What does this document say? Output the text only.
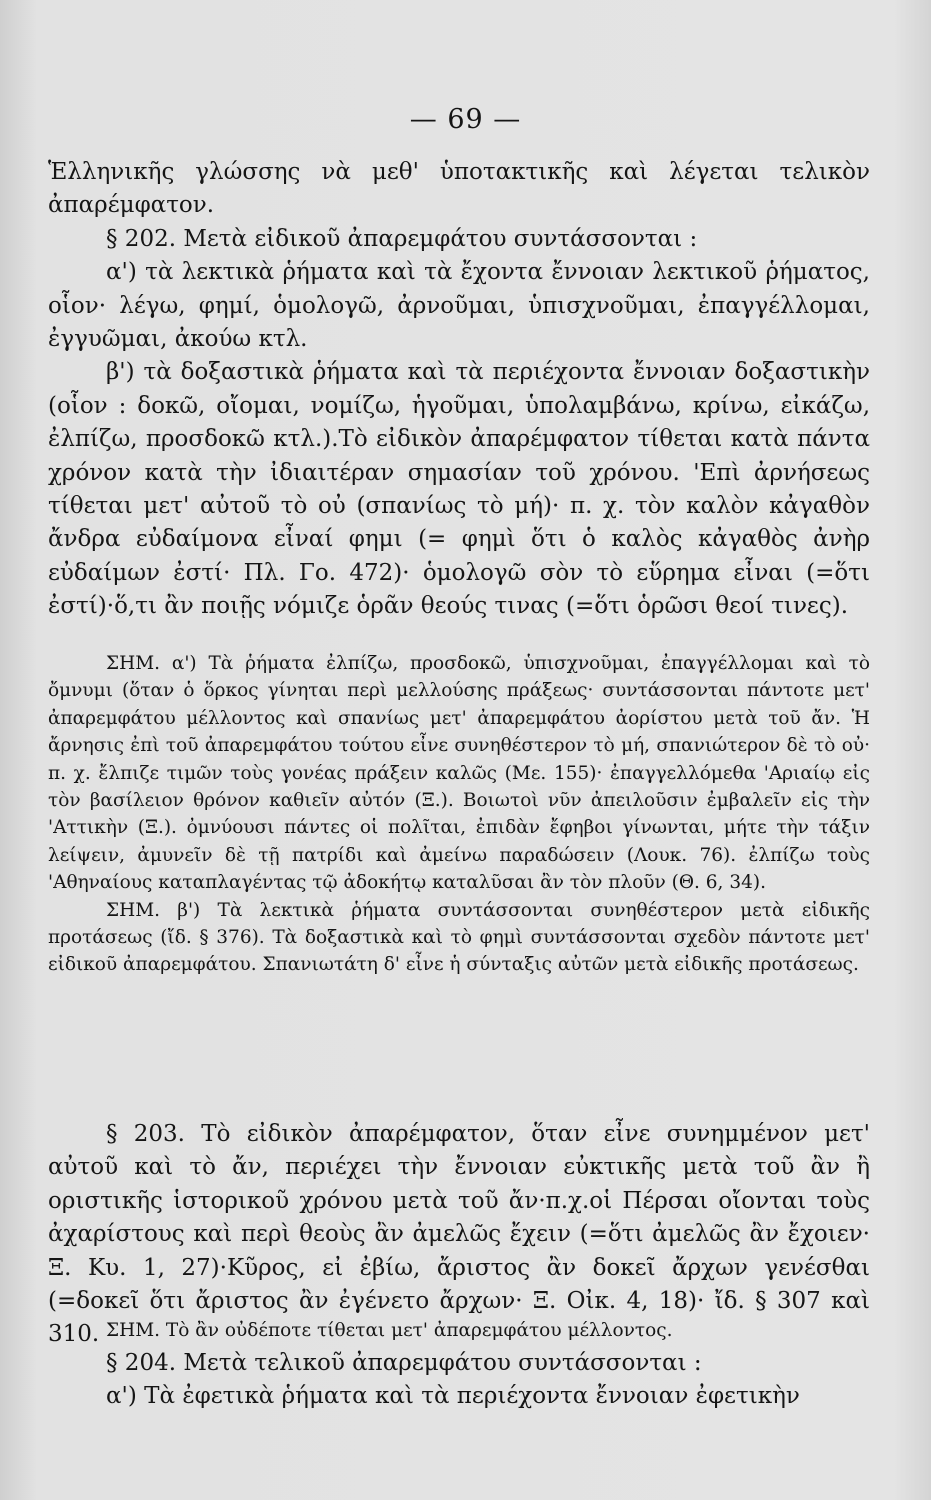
— 69 —

Ἑλληνικῆς γλώσσης νὰ μεθ' ὑποτακτικῆς καὶ λέγεται τελικὸν ἀπαρέμφατον.

§ 202. Μετὰ εἰδικοῦ ἀπαρεμφάτου συντάσσονται :

α') τὰ λεκτικὰ ῥήματα καὶ τὰ ἔχοντα ἔννοιαν λεκτικοῦ ῥήματος, οἷον· λέγω, φημί, ὁμολογῶ, ἀρνοῦμαι, ὑπισχνοῦμαι, ἐπαγγέλλομαι, ἐγγυῶμαι, ἀκούω κτλ.

β') τὰ δοξαστικὰ ῥήματα καὶ τὰ περιέχοντα ἔννοιαν δοξαστικὴν (οἷον : δοκῶ, οἴομαι, νομίζω, ἡγοῦμαι, ὑπολαμβάνω, κρίνω, εἰκάζω, ἐλπίζω, προσδοκῶ κτλ.).Τὸ εἰδικὸν ἀπαρέμφατον τίθεται κατὰ πάντα χρόνον κατὰ τὴν ἰδιαιτέραν σημασίαν τοῦ χρόνου. 'Επὶ ἀρνήσεως τίθεται μετ' αὐτοῦ τὸ οὐ (σπανίως τὸ μή)· π. χ. τὸν καλὸν κἀγαθὸν ἄνδρα εὐδαίμονα εἶναί φημι (= φημὶ ὅτι ὁ καλὸς κἀγαθὸς ἀνὴρ εὐδαίμων ἐστί· Πλ. Γο. 472)· ὁμολογῶ σὸν τὸ εὕρημα εἶναι (=ὅτι ἐστί)·ὅ,τι ἂν ποιῇς νόμιζε ὁρᾶν θεούς τινας (=ὅτι ὁρῶσι θεοί τινες).

ΣΗΜ. α') Τὰ ῥήματα ἐλπίζω, προσδοκῶ, ὑπισχνοῦμαι, ἐπαγγέλλομαι καὶ τὸ ὄμνυμι (ὅταν ὁ ὅρκος γίνηται περὶ μελλούσης πράξεως· συντάσσονται πάντοτε μετ' ἀπαρεμφάτου μέλλοντος καὶ σπανίως μετ' ἀπαρεμφάτου ἀορίστου μετὰ τοῦ ἄν. Ἡ ἄρνησις ἐπὶ τοῦ ἀπαρεμφάτου τούτου εἶνε συνηθέστερον τὸ μή, σπανιώτερον δὲ τὸ οὐ· π. χ. ἔλπιζε τιμῶν τοὺς γονέας πράξειν καλῶς (Με. 155)· ἐπαγγελλόμεθα 'Αριαίῳ εἰς τὸν βασίλειον θρόνον καθιεῖν αὐτόν (Ξ.). Βοιωτοὶ νῦν ἀπειλοῦσιν ἐμβαλεῖν εἰς τὴν 'Αττικὴν (Ξ.). ὀμνύουσι πάντες οἱ πολῖται, ἐπιδὰν ἔφηβοι γίνωνται, μήτε τὴν τάξιν λείψειν, ἀμυνεῖν δὲ τῇ πατρίδι καὶ ἀμείνω παραδώσειν (Λουκ. 76). ἐλπίζω τοὺς 'Αθηναίους καταπλαγέντας τῷ ἀδοκήτῳ καταλῦσαι ἂν τὸν πλοῦν (Θ. 6, 34).

ΣΗΜ. β') Τὰ λεκτικὰ ῥήματα συντάσσονται συνηθέστερον μετὰ εἰδικῆς προτάσεως (ἴδ. § 376). Τὰ δοξαστικὰ καὶ τὸ φημὶ συντάσσονται σχεδὸν πάντοτε μετ' εἰδικοῦ ἀπαρεμφάτου. Σπανιωτάτη δ' εἶνε ἡ σύνταξις αὐτῶν μετὰ εἰδικῆς προτάσεως.

§ 203. Τὸ εἰδικὸν ἀπαρέμφατον, ὅταν εἶνε συνημμένον μετ' αὐτοῦ καὶ τὸ ἄν, περιέχει τὴν ἔννοιαν εὐκτικῆς μετὰ τοῦ ἂν ἢ οριστικῆς ἱστορικοῦ χρόνου μετὰ τοῦ ἄν·π.χ.οἱ Πέρσαι οἴονται τοὺς ἀχαρίστους καὶ περὶ θεοὺς ἂν ἀμελῶς ἔχειν (=ὅτι ἀμελῶς ἂν ἔχοιεν· Ξ. Κυ. 1, 27)·Κῦρος, εἰ ἐβίω, ἄριστος ἂν δοκεῖ ἄρχων γενέσθαι (=δοκεῖ ὅτι ἄριστος ἂν ἐγένετο ἄρχων· Ξ. Οἰκ. 4, 18)· ἴδ. § 307 καὶ 310. ΣΗΜ. Τὸ ἂν οὐδέποτε τίθεται μετ' ἀπαρεμφάτου μέλλοντος.

§ 204. Μετὰ τελικοῦ ἀπαρεμφάτου συντάσσονται :

α') Τὰ ἐφετικὰ ῥήματα καὶ τὰ περιέχοντα ἔννοιαν ἐφετικὴν
